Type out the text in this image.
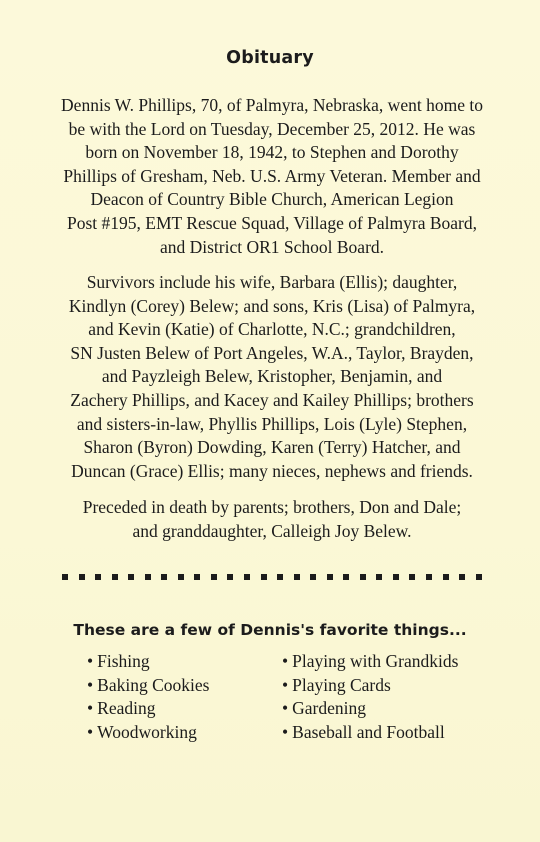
Obituary
Dennis W. Phillips, 70, of Palmyra, Nebraska, went home to
be with the Lord on Tuesday, December 25, 2012. He was
born on November 18, 1942, to Stephen and Dorothy
Phillips of Gresham, Neb. U.S. Army Veteran. Member and
Deacon of Country Bible Church, American Legion
Post #195, EMT Rescue Squad, Village of Palmyra Board,
and District OR1 School Board.
Survivors include his wife, Barbara (Ellis); daughter,
Kindlyn (Corey) Belew; and sons, Kris (Lisa) of Palmyra,
and Kevin (Katie) of Charlotte, N.C.; grandchildren,
SN Justen Belew of Port Angeles, W.A., Taylor, Brayden,
and Payzleigh Belew, Kristopher, Benjamin, and
Zachery Phillips, and Kacey and Kailey Phillips; brothers
and sisters-in-law, Phyllis Phillips, Lois (Lyle) Stephen,
Sharon (Byron) Dowding, Karen (Terry) Hatcher, and
Duncan (Grace) Ellis; many nieces, nephews and friends.
Preceded in death by parents; brothers, Don and Dale;
and granddaughter, Calleigh Joy Belew.
These are a few of Dennis's favorite things...
• Fishing
• Baking Cookies
• Reading
• Woodworking
• Playing with Grandkids
• Playing Cards
• Gardening
• Baseball and Football
